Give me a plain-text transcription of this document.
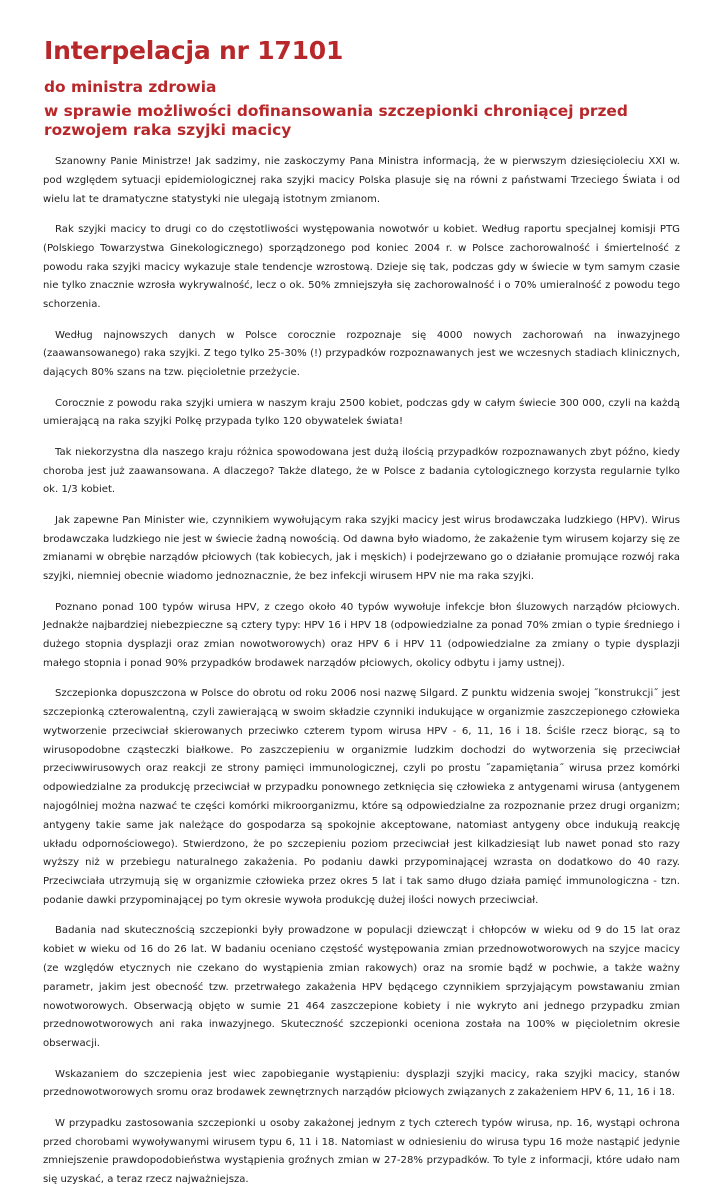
Interpelacja nr 17101
do ministra zdrowia
w sprawie możliwości dofinansowania szczepionki chroniącej przed rozwojem raka szyjki macicy

Szanowny Panie Ministrze! Jak sadzimy, nie zaskoczymy Pana Ministra informacją, że w pierwszym dziesięcioleciu XXI w. pod względem sytuacji epidemiologicznej raka szyjki macicy Polska plasuje się na równi z państwami Trzeciego Świata i od wielu lat te dramatyczne statystyki nie ulegają istotnym zmianom.

Rak szyjki macicy to drugi co do częstotliwości występowania nowotwór u kobiet. Według raportu specjalnej komisji PTG (Polskiego Towarzystwa Ginekologicznego) sporządzonego pod koniec 2004 r. w Polsce zachorowalność i śmiertelność z powodu raka szyjki macicy wykazuje stale tendencje wzrostową. Dzieje się tak, podczas gdy w świecie w tym samym czasie nie tylko znacznie wzrosła wykrywalność, lecz o ok. 50% zmniejszyła się zachorowalność i o 70% umieralność z powodu tego schorzenia.

Według najnowszych danych w Polsce corocznie rozpoznaje się 4000 nowych zachorowań na inwazyjnego (zaawansowanego) raka szyjki. Z tego tylko 25-30% (!) przypadków rozpoznawanych jest we wczesnych stadiach klinicznych, dających 80% szans na tzw. pięcioletnie przeżycie.

Corocznie z powodu raka szyjki umiera w naszym kraju 2500 kobiet, podczas gdy w całym świecie 300 000, czyli na każdą umierającą na raka szyjki Polkę przypada tylko 120 obywatelek świata!

Tak niekorzystna dla naszego kraju różnica spowodowana jest dużą ilością przypadków rozpoznawanych zbyt późno, kiedy choroba jest już zaawansowana. A dlaczego? Także dlatego, że w Polsce z badania cytologicznego korzysta regularnie tylko ok. 1/3 kobiet.

Jak zapewne Pan Minister wie, czynnikiem wywołującym raka szyjki macicy jest wirus brodawczaka ludzkiego (HPV). Wirus brodawczaka ludzkiego nie jest w świecie żadną nowością. Od dawna było wiadomo, że zakażenie tym wirusem kojarzy się ze zmianami w obrębie narządów płciowych (tak kobiecych, jak i męskich) i podejrzewano go o działanie promujące rozwój raka szyjki, niemniej obecnie wiadomo jednoznacznie, że bez infekcji wirusem HPV nie ma raka szyjki.

Poznano ponad 100 typów wirusa HPV, z czego około 40 typów wywołuje infekcje błon śluzowych narządów płciowych. Jednakże najbardziej niebezpieczne są cztery typy: HPV 16 i HPV 18 (odpowiedzialne za ponad 70% zmian o typie średniego i dużego stopnia dysplazji oraz zmian nowotworowych) oraz HPV 6 i HPV 11 (odpowiedzialne za zmiany o typie dysplazji małego stopnia i ponad 90% przypadków brodawek narządów płciowych, okolicy odbytu i jamy ustnej).

Szczepionka dopuszczona w Polsce do obrotu od roku 2006 nosi nazwę Silgard. Z punktu widzenia swojej ˝konstrukcji˝ jest szczepionką czterowalentną, czyli zawierającą w swoim składzie czynniki indukujące w organizmie zaszczepionego człowieka wytworzenie przeciwciał skierowanych przeciwko czterem typom wirusa HPV - 6, 11, 16 i 18. Ściśle rzecz biorąc, są to wirusopodobne cząsteczki białkowe. Po zaszczepieniu w organizmie ludzkim dochodzi do wytworzenia się przeciwciał przeciwwirusowych oraz reakcji ze strony pamięci immunologicznej, czyli po prostu ˝zapamiętania˝ wirusa przez komórki odpowiedzialne za produkcję przeciwciał w przypadku ponownego zetknięcia się człowieka z antygenami wirusa (antygenem najogólniej można nazwać te części komórki mikroorganizmu, które są odpowiedzialne za rozpoznanie przez drugi organizm; antygeny takie same jak należące do gospodarza są spokojnie akceptowane, natomiast antygeny obce indukują reakcję układu odpornościowego). Stwierdzono, że po szczepieniu poziom przeciwciał jest kilkadziesiąt lub nawet ponad sto razy wyższy niż w przebiegu naturalnego zakażenia. Po podaniu dawki przypominającej wzrasta on dodatkowo do 40 razy. Przeciwciała utrzymują się w organizmie człowieka przez okres 5 lat i tak samo długo działa pamięć immunologiczna - tzn. podanie dawki przypominającej po tym okresie wywoła produkcję dużej ilości nowych przeciwciał.

Badania nad skutecznością szczepionki były prowadzone w populacji dziewcząt i chłopców w wieku od 9 do 15 lat oraz kobiet w wieku od 16 do 26 lat. W badaniu oceniano częstość występowania zmian przednowotworowych na szyjce macicy (ze względów etycznych nie czekano do wystąpienia zmian rakowych) oraz na sromie bądź w pochwie, a także ważny parametr, jakim jest obecność tzw. przetrwałego zakażenia HPV będącego czynnikiem sprzyjającym powstawaniu zmian nowotworowych. Obserwacją objęto w sumie 21 464 zaszczepione kobiety i nie wykryto ani jednego przypadku zmian przednowotworowych ani raka inwazyjnego. Skuteczność szczepionki oceniona została na 100% w pięcioletnim okresie obserwacji.

Wskazaniem do szczepienia jest wiec zapobieganie wystąpieniu: dysplazji szyjki macicy, raka szyjki macicy, stanów przednowotworowych sromu oraz brodawek zewnętrznych narządów płciowych związanych z zakażeniem HPV 6, 11, 16 i 18.

W przypadku zastosowania szczepionki u osoby zakażonej jednym z tych czterech typów wirusa, np. 16, wystąpi ochrona przed chorobami wywoływanymi wirusem typu 6, 11 i 18. Natomiast w odniesieniu do wirusa typu 16 może nastąpić jedynie zmniejszenie prawdopodobieństwa wystąpienia groźnych zmian w 27-28% przypadków. To tyle z informacji, które udało nam się uzyskać, a teraz rzecz najważniejsza.
